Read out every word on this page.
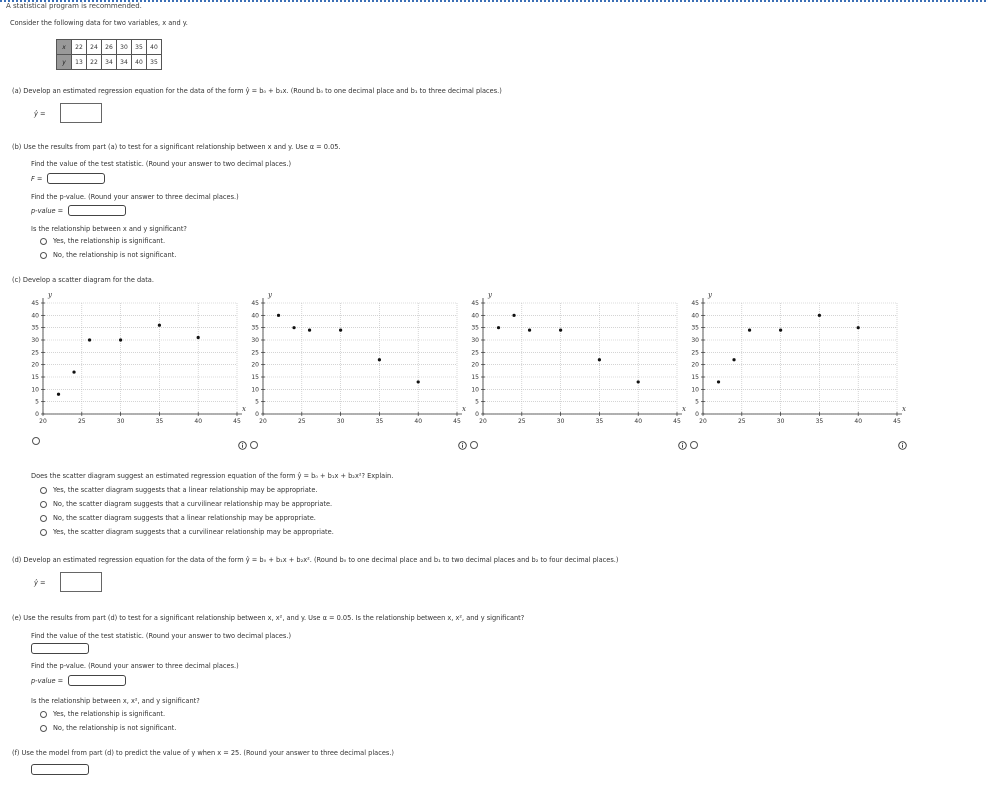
A statistical program is recommended.
Consider the following data for two variables, x and y.
x	22	24	26	30	35	40
y	13	22	34	34	40	35
(a) Develop an estimated regression equation for the data of the form ŷ = b₀ + b₁x. (Round b₀ to one decimal place and b₁ to three decimal places.)
ŷ =
(b) Use the results from part (a) to test for a significant relationship between x and y. Use α = 0.05.
Find the value of the test statistic. (Round your answer to two decimal places.)
F =
Find the p-value. (Round your answer to three decimal places.)
p-value =
Is the relationship between x and y significant?
Yes, the relationship is significant.
No, the relationship is not significant.
(c) Develop a scatter diagram for the data.
0
5
10
15
20
25
30
35
40
45
20	25	30	35	40	45
y
x
0
5
10
15
20
25
30
35
40
45
20	25	30	35	40	45
y
x
0
5
10
15
20
25
30
35
40
45
20	25	30	35	40	45
y
x
0
5
10
15
20
25
30
35
40
45
20	25	30	35	40	45
y
x
Does the scatter diagram suggest an estimated regression equation of the form ŷ = b₀ + b₁x + b₂x²? Explain.
Yes, the scatter diagram suggests that a linear relationship may be appropriate.
No, the scatter diagram suggests that a curvilinear relationship may be appropriate.
No, the scatter diagram suggests that a linear relationship may be appropriate.
Yes, the scatter diagram suggests that a curvilinear relationship may be appropriate.
(d) Develop an estimated regression equation for the data of the form ŷ = b₀ + b₁x + b₂x². (Round b₀ to one decimal place and b₁ to two decimal places and b₂ to four decimal places.)
ŷ =
(e) Use the results from part (d) to test for a significant relationship between x, x², and y. Use α = 0.05. Is the relationship between x, x², and y significant?
Find the value of the test statistic. (Round your answer to two decimal places.)
Find the p-value. (Round your answer to three decimal places.)
p-value =
Is the relationship between x, x², and y significant?
Yes, the relationship is significant.
No, the relationship is not significant.
(f) Use the model from part (d) to predict the value of y when x = 25. (Round your answer to three decimal places.)
